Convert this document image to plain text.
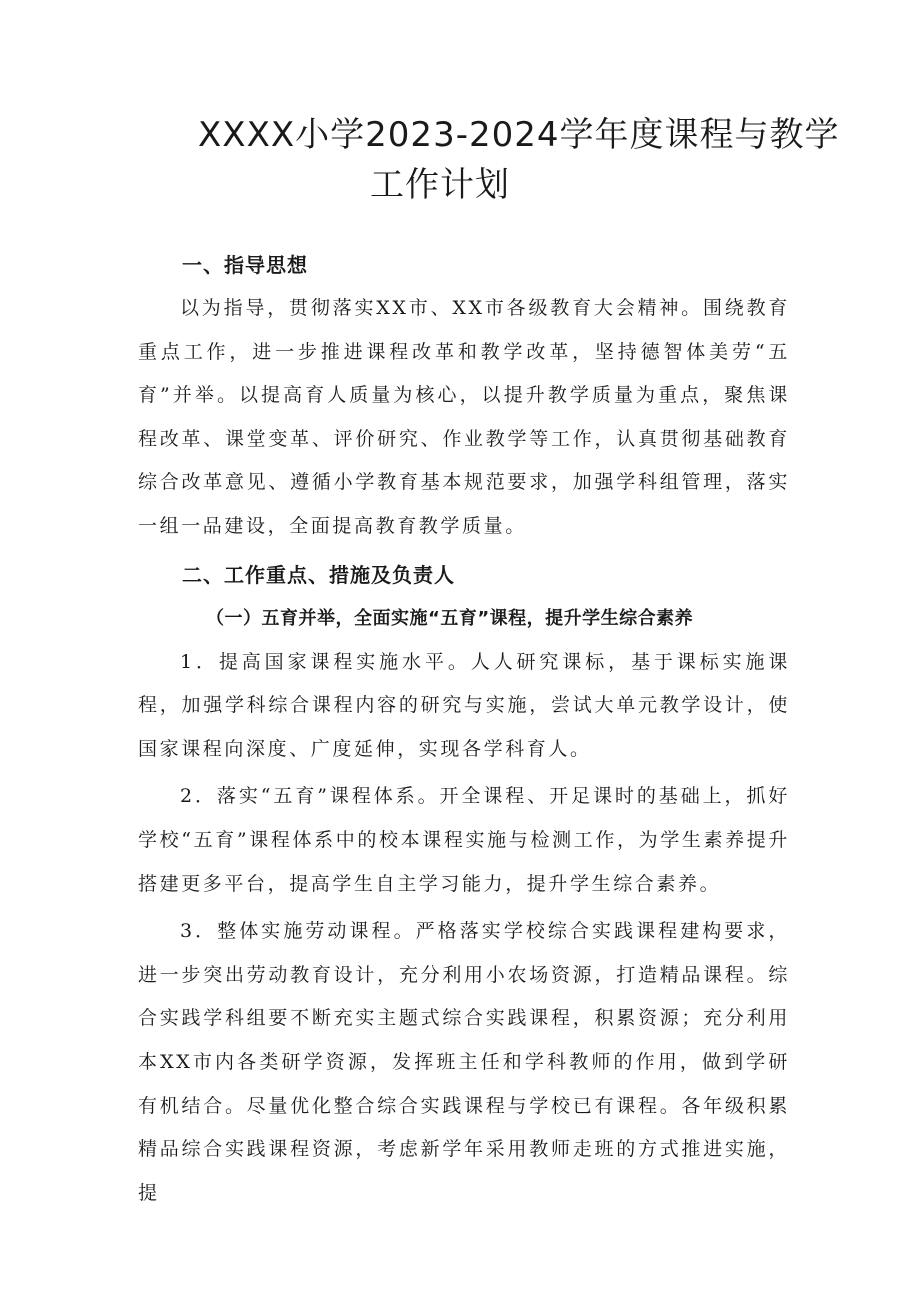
XXXX小学2023-2024学年度课程与教学
工作计划

一、指导思想

以为指导，贯彻落实XX市、XX市各级教育大会精神。围绕教育重点工作，进一步推进课程改革和教学改革，坚持德智体美劳“五育”并举。以提高育人质量为核心，以提升教学质量为重点，聚焦课程改革、课堂变革、评价研究、作业教学等工作，认真贯彻基础教育综合改革意见、遵循小学教育基本规范要求，加强学科组管理，落实一组一品建设，全面提高教育教学质量。

二、工作重点、措施及负责人

（一）五育并举，全面实施“五育”课程，提升学生综合素养

1．提高国家课程实施水平。人人研究课标，基于课标实施课程，加强学科综合课程内容的研究与实施，尝试大单元教学设计，使国家课程向深度、广度延伸，实现各学科育人。

2．落实“五育”课程体系。开全课程、开足课时的基础上，抓好学校“五育”课程体系中的校本课程实施与检测工作，为学生素养提升搭建更多平台，提高学生自主学习能力，提升学生综合素养。

3．整体实施劳动课程。严格落实学校综合实践课程建构要求，进一步突出劳动教育设计，充分利用小农场资源，打造精品课程。综合实践学科组要不断充实主题式综合实践课程，积累资源；充分利用本XX市内各类研学资源，发挥班主任和学科教师的作用，做到学研有机结合。尽量优化整合综合实践课程与学校已有课程。各年级积累精品综合实践课程资源，考虑新学年采用教师走班的方式推进实施，提
